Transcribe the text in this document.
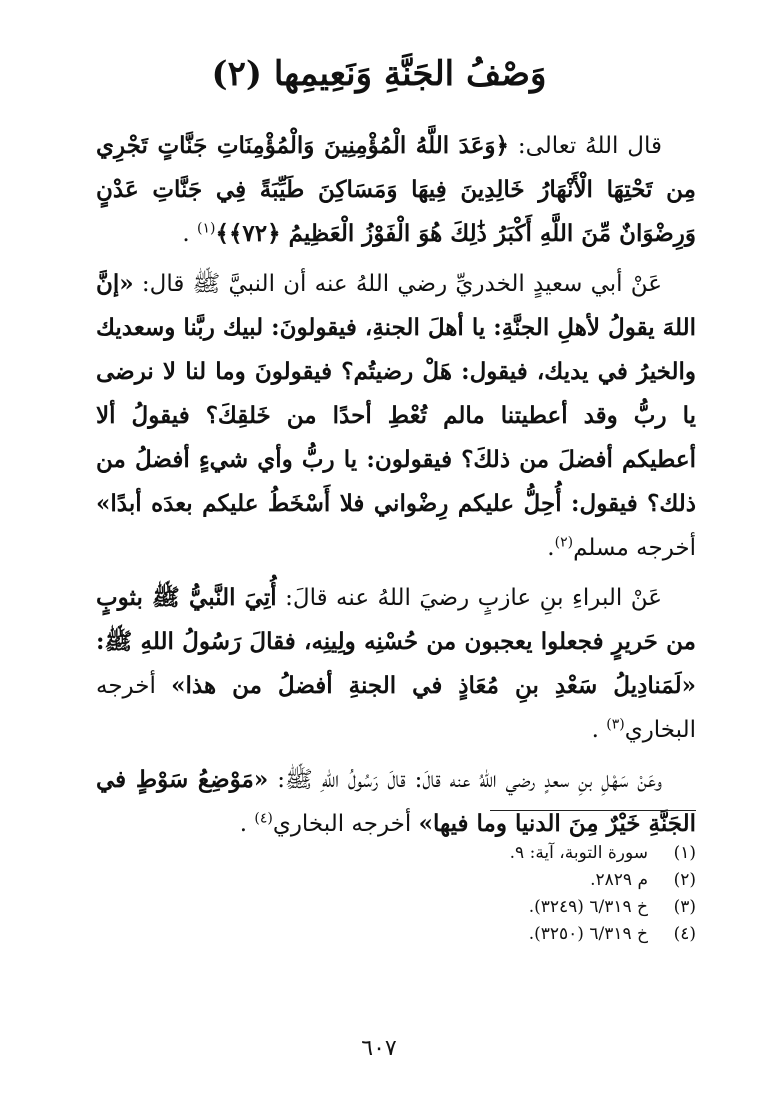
وَصْفُ الجَنَّةِ وَنَعِيمِها (٢)

قال اللهُ تعالى: ﴿وَعَدَ اللَّهُ الْمُؤْمِنِينَ وَالْمُؤْمِنَاتِ جَنَّاتٍ تَجْرِي مِن تَحْتِهَا الْأَنْهَارُ خَالِدِينَ فِيهَا وَمَسَاكِنَ طَيِّبَةً فِي جَنَّاتِ عَدْنٍ وَرِضْوَانٌ مِّنَ اللَّهِ أَكْبَرُ ذَٰلِكَ هُوَ الْفَوْزُ الْعَظِيمُ ﴿٧٢﴾﴾$^{(١)}$ .

عَنْ أبي سعيدٍ الخدريِّ رضي اللهُ عنه أن النبيَّ ﷺ قال: «إنَّ اللهَ يقولُ لأهلِ الجنَّةِ: يا أهلَ الجنةِ، فيقولونَ: لبيك ربَّنا وسعديك والخيرُ في يديك، فيقول: هَلْ رضيتُم؟ فيقولونَ وما لنا لا نرضى يا ربُّ وقد أعطيتنا مالم تُعْطِ أحدًا من خَلقِكَ؟ فيقولُ ألا أعطيكم أفضلَ من ذلكَ؟ فيقولون: يا ربُّ وأي شيءٍ أفضلُ من ذلك؟ فيقول: أُحِلُّ عليكم رِضْواني فلا أَسْخَطُ عليكم بعدَه أبدًا» أخرجه مسلم$^{(٢)}$.

عَنْ البراءِ بنِ عازبٍ رضيَ اللهُ عنه قالَ: أُتِيَ النَّبيُّ ﷺ بثوبٍ من حَريرٍ فجعلوا يعجبون من حُسْنِه ولِينِه، فقالَ رَسُولُ اللهِ ﷺ: «لَمَنادِيلُ سَعْدِ بنِ مُعَاذٍ في الجنةِ أفضلُ من هذا» أخرجه البخاري$^{(٣)}$ .

وعَنْ سَهْلِ بنِ سعدٍ رضي اللهُ عنه قالَ: قالَ رَسُولُ اللهِ ﷺ: «مَوْضِعُ سَوْطٍ في الجَنَّةِ خَيْرٌ مِنَ الدنيا وما فيها» أخرجه البخاري$^{(٤)}$ .

(١)
سورة التوبة، آية: ٩.
(٢)
م ٢٨٢٩.
(٣)
خ ٦/٣١٩ (٣٢٤٩).
(٤)
خ ٦/٣١٩ (٣٢٥٠).
٦٠٧
